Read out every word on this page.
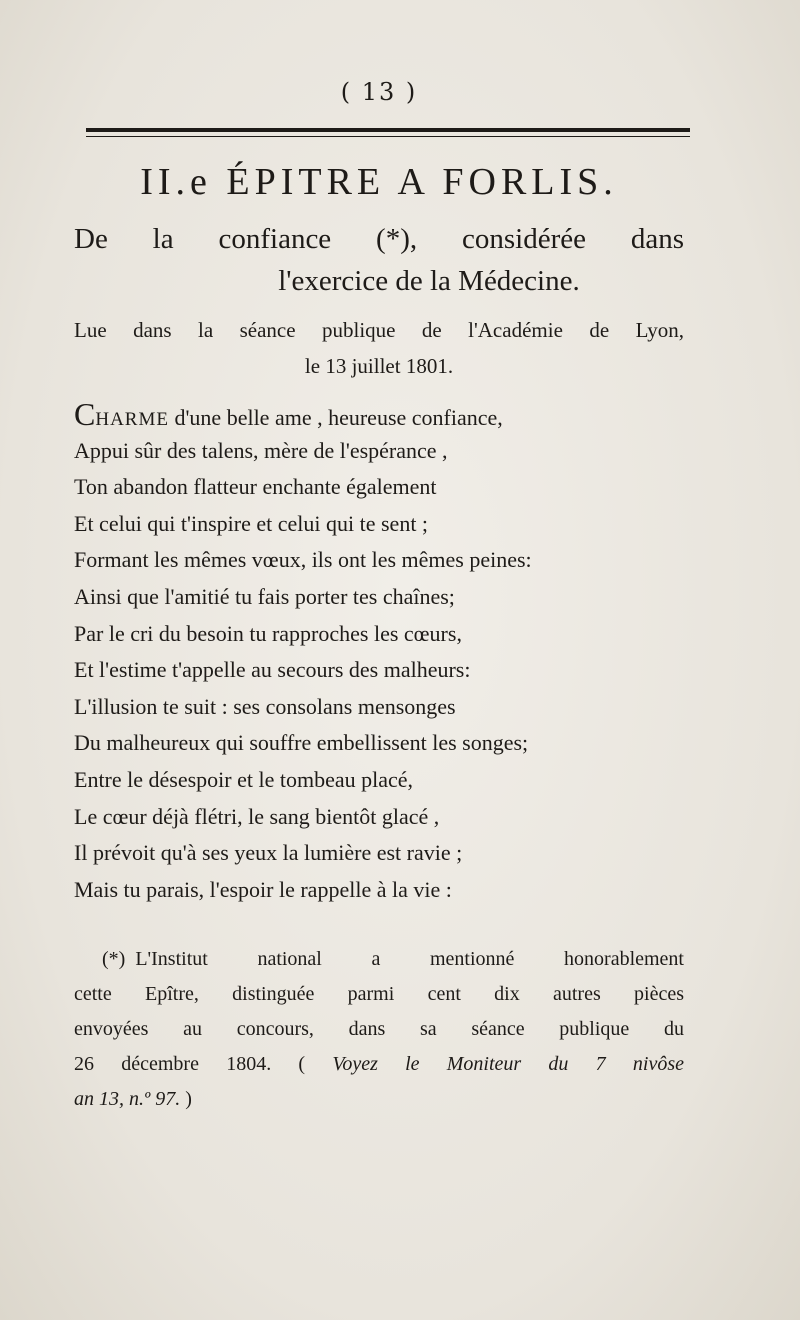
( 13 )
II.e ÉPITRE A FORLIS.
De la confiance (*), considérée dans
l'exercice de la Médecine.
Lue dans la séance publique de l'Académie de Lyon,
le 13 juillet 1801.
CHARME d'une belle ame , heureuse confiance,
Appui sûr des talens, mère de l'espérance ,
Ton abandon flatteur enchante également
Et celui qui t'inspire et celui qui te sent ;
Formant les mêmes vœux, ils ont les mêmes peines:
Ainsi que l'amitié tu fais porter tes chaînes;
Par le cri du besoin tu rapproches les cœurs,
Et l'estime t'appelle au secours des malheurs:
L'illusion te suit : ses consolans mensonges
Du malheureux qui souffre embellissent les songes;
Entre le désespoir et le tombeau placé,
Le cœur déjà flétri, le sang bientôt glacé ,
Il prévoit qu'à ses yeux la lumière est ravie ;
Mais tu parais, l'espoir le rappelle à la vie :
(*) L'Institut national a mentionné honorablement
cette Epître, distinguée parmi cent dix autres pièces
envoyées au concours, dans sa séance publique du
26 décembre 1804. ( Voyez le Moniteur du 7 nivôse
an 13, n.º 97. )
